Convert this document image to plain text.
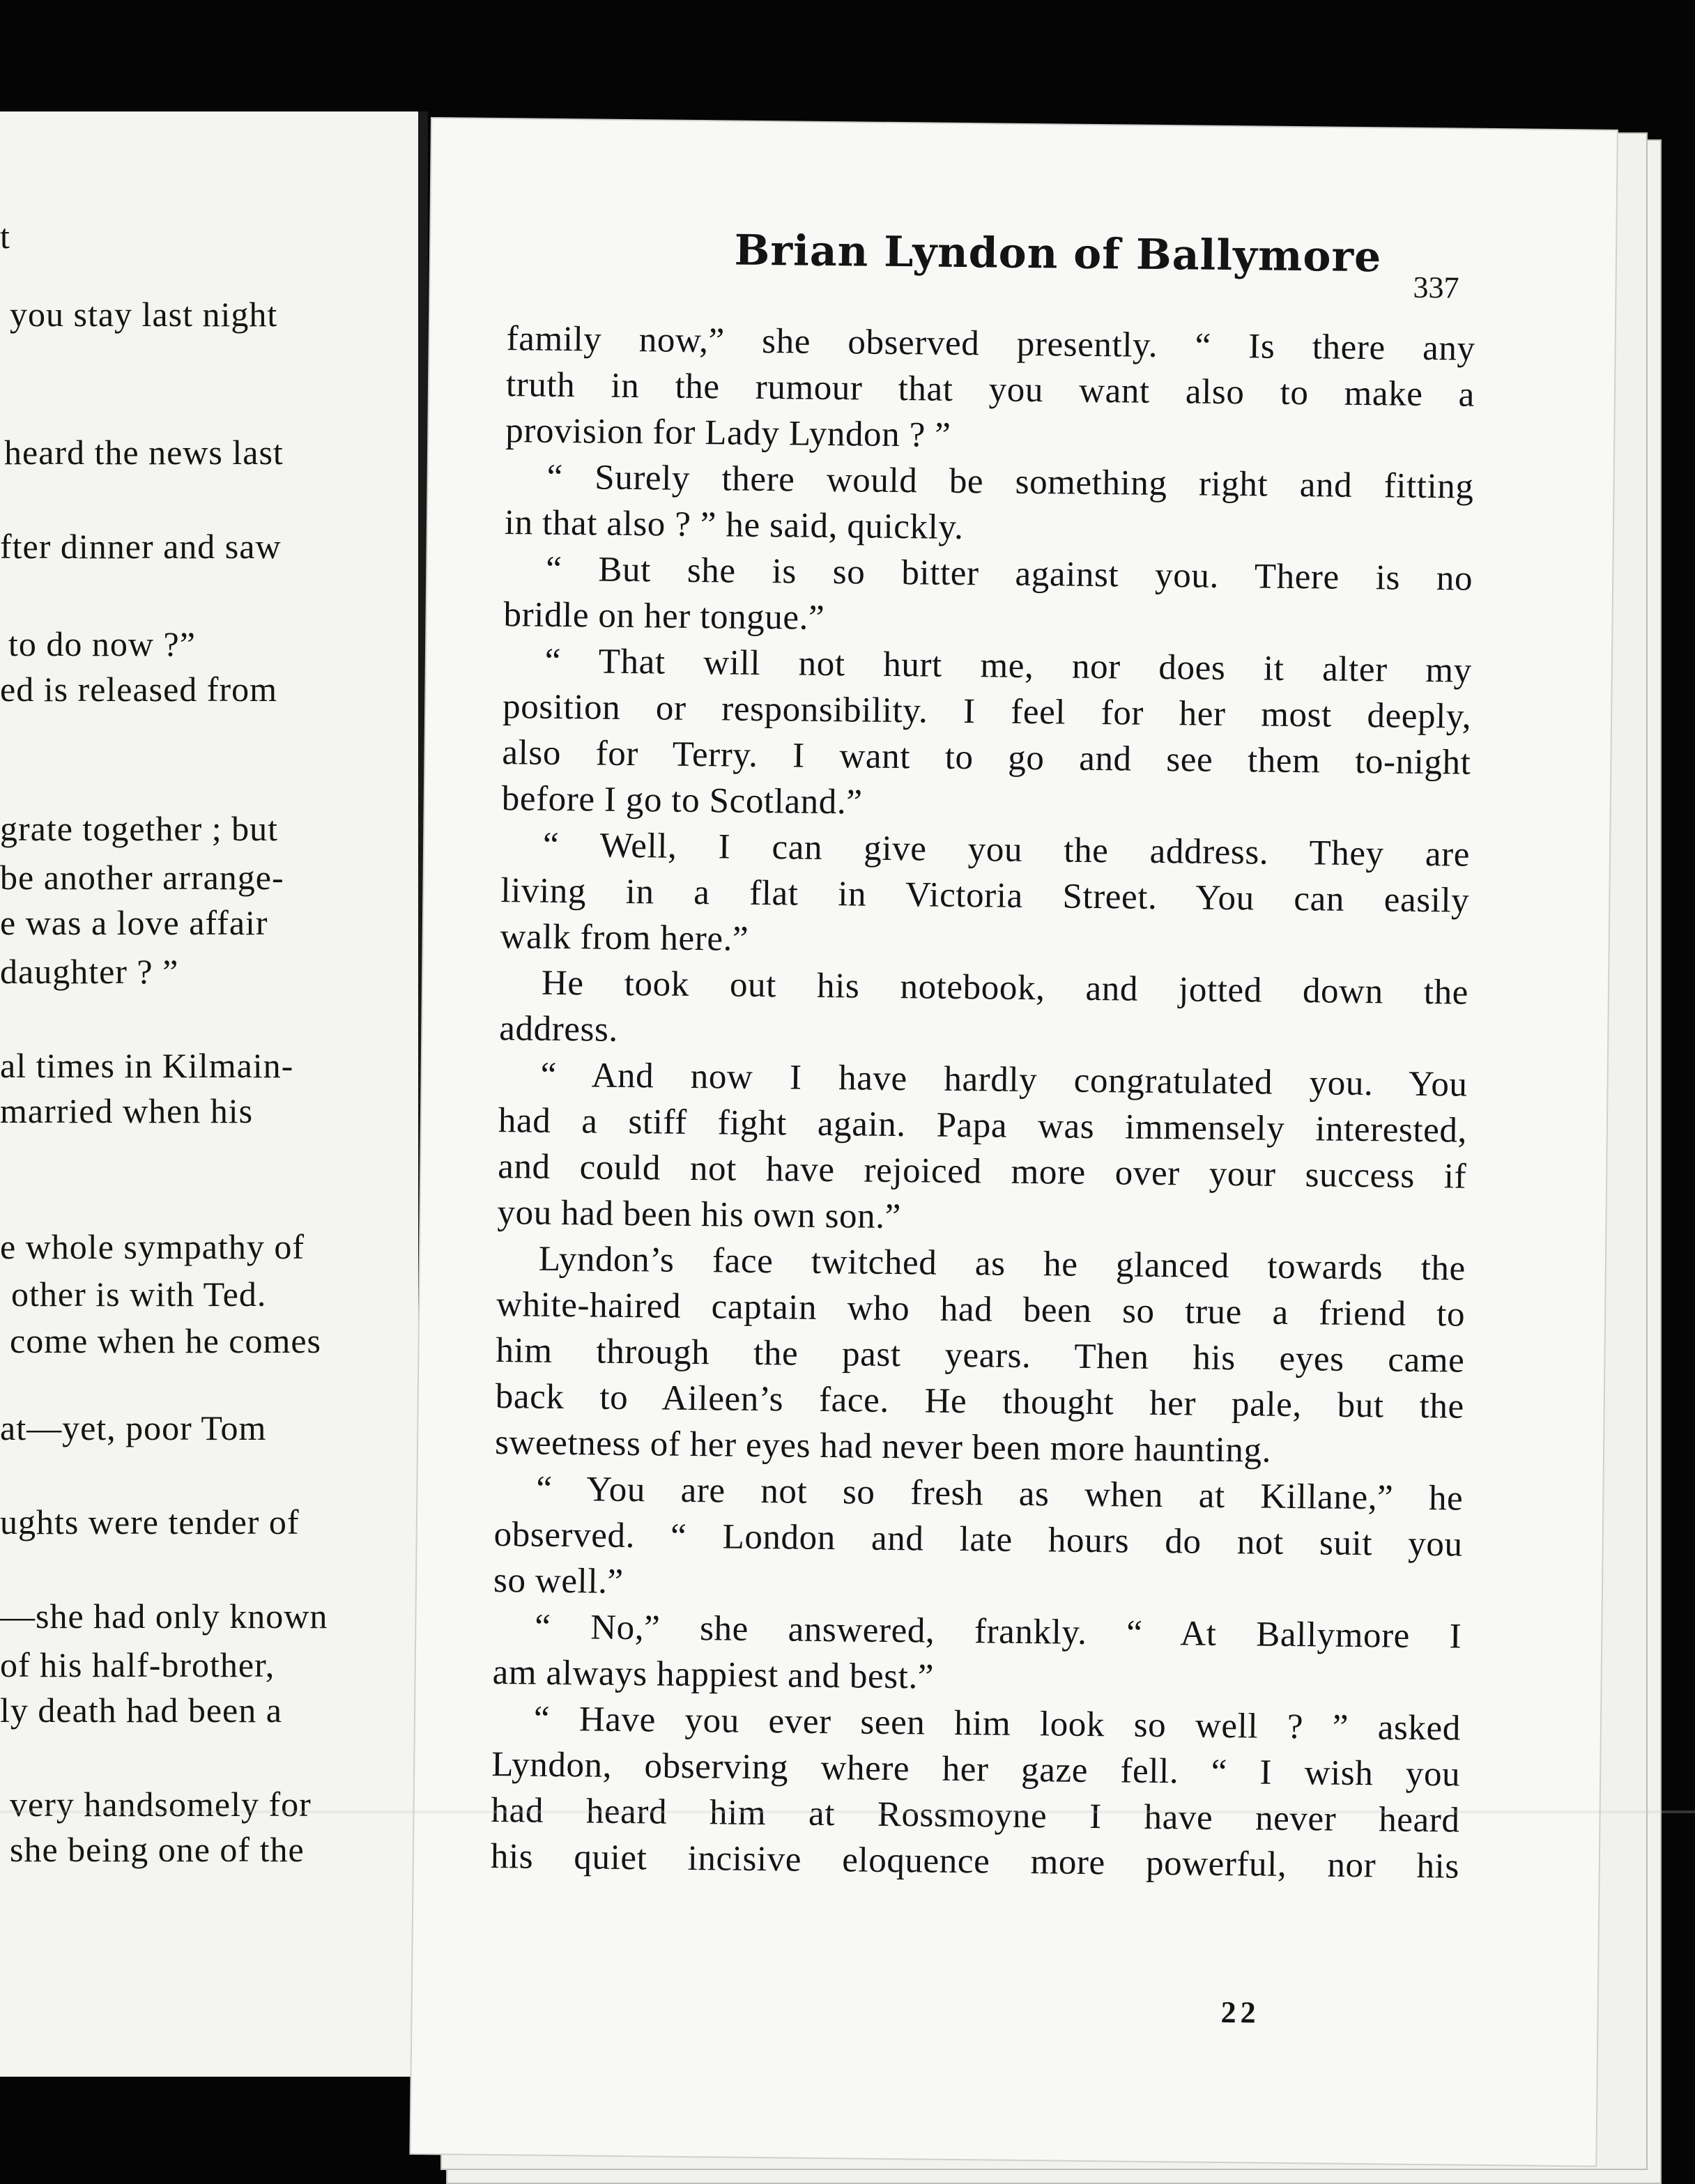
t
you stay last night
heard the news last
fter dinner and saw
to do now ?”
ed is released from
grate together ; but
be another arrange-
e was a love affair
daughter ? ”
al times in Kilmain-
married when his
e whole sympathy of
other is with Ted.
come when he comes
at—yet, poor Tom
ughts were tender of
—she had only known
of his half-brother,
ly death had been a
very handsomely for
she being one of the
Brian Lyndon of Ballymore
337
family now,” she observed presently. “ Is there any
truth in the rumour that you want also to make a
provision for Lady Lyndon ? ”
“ Surely there would be something right and fitting
in that also ? ” he said, quickly.
“ But she is so bitter against you. There is no
bridle on her tongue.”
“ That will not hurt me, nor does it alter my
position or responsibility. I feel for her most deeply,
also for Terry. I want to go and see them to-night
before I go to Scotland.”
“ Well, I can give you the address. They are
living in a flat in Victoria Street. You can easily
walk from here.”
He took out his notebook, and jotted down the
address.
“ And now I have hardly congratulated you. You
had a stiff fight again. Papa was immensely interested,
and could not have rejoiced more over your success if
you had been his own son.”
Lyndon’s face twitched as he glanced towards the
white-haired captain who had been so true a friend to
him through the past years. Then his eyes came
back to Aileen’s face. He thought her pale, but the
sweetness of her eyes had never been more haunting.
“ You are not so fresh as when at Killane,” he
observed. “ London and late hours do not suit you
so well.”
“ No,” she answered, frankly. “ At Ballymore I
am always happiest and best.”
“ Have you ever seen him look so well ? ” asked
Lyndon, observing where her gaze fell. “ I wish you
had heard him at Rossmoyne I have never heard
his quiet incisive eloquence more powerful, nor his
22
